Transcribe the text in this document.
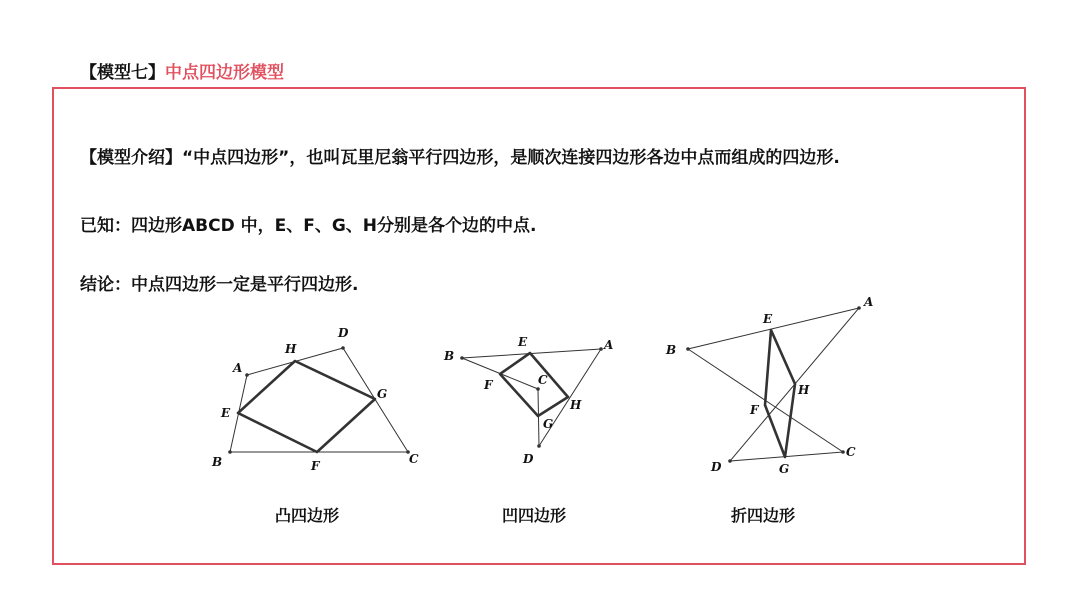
【模型七】中点四边形模型
【模型介绍】“中点四边形”，也叫瓦里尼翁平行四边形，是顺次连接四边形各边中点而组成的四边形.
已知：四边形ABCD 中，E、F、G、H分别是各个边的中点.
结论：中点四边形一定是平行四边形.
A
B	C
D
E
F
G
H	A
B
C
D
E
F
G
H
A
B
C
D
E
F
G
H
凸四边形	凹四边形	折四边形
